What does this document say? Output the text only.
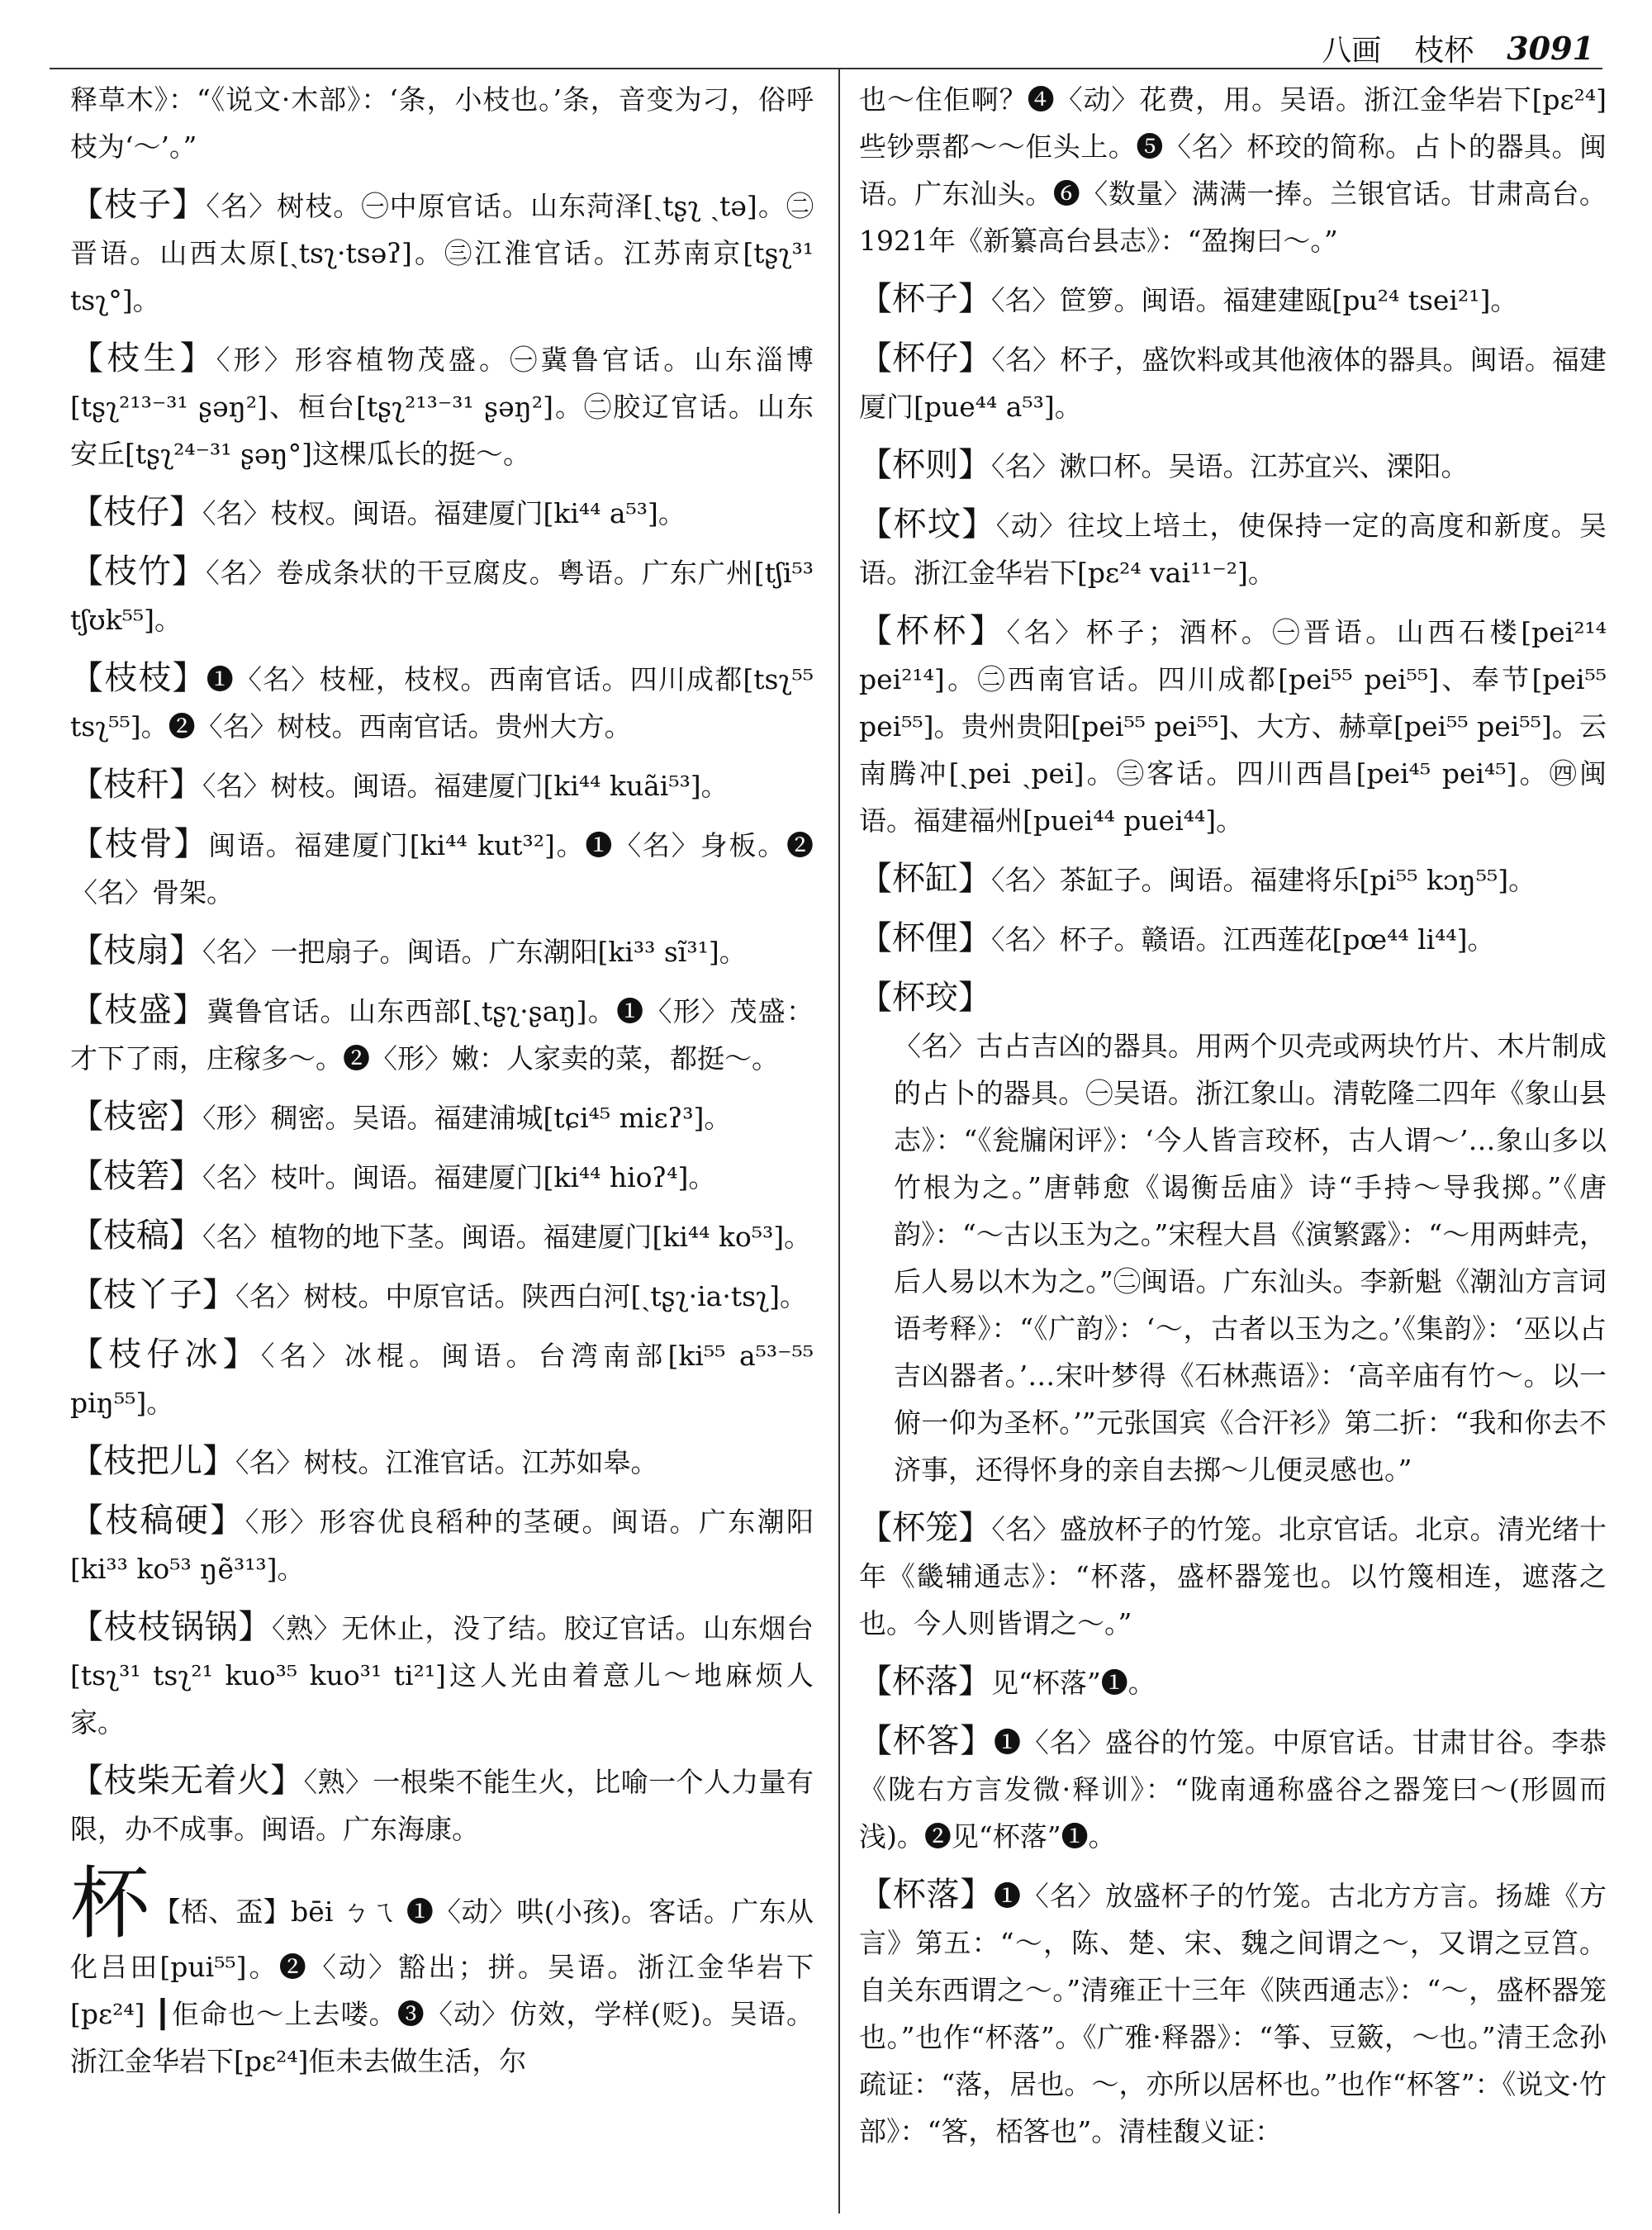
八画 枝杯 3091
释草木》：“《说文·木部》：‘条，小枝也。’条，音变为刁，俗呼枝为‘～’。”
【枝子】〈名〉树枝。㊀中原官话。山东菏泽[ˏtʂʅ ˏtə]。㊁晋语。山西太原[ˏtsʅ·tsəʔ]。㊂江淮官话。江苏南京[tʂʅ³¹ tsʅ°]。
【枝生】〈形〉形容植物茂盛。㊀冀鲁官话。山东淄博[tʂʅ²¹³⁻³¹ ʂəŋ²]、桓台[tʂʅ²¹³⁻³¹ ʂəŋ²]。㊁胶辽官话。山东安丘[tʂʅ²⁴⁻³¹ ʂəŋ°]这棵瓜长的挺～。
【枝仔】〈名〉枝杈。闽语。福建厦门[ki⁴⁴ a⁵³]。
【枝竹】〈名〉卷成条状的干豆腐皮。粤语。广东广州[tʃi⁵³ tʃʊk⁵⁵]。
【枝枝】❶〈名〉枝桠，枝杈。西南官话。四川成都[tsʅ⁵⁵ tsʅ⁵⁵]。❷〈名〉树枝。西南官话。贵州大方。
【枝秆】〈名〉树枝。闽语。福建厦门[ki⁴⁴ kuãi⁵³]。
【枝骨】闽语。福建厦门[ki⁴⁴ kut³²]。❶〈名〉身板。❷〈名〉骨架。
【枝扇】〈名〉一把扇子。闽语。广东潮阳[ki³³ sĩ³¹]。
【枝盛】冀鲁官话。山东西部[ˏtʂʅ·ʂaŋ]。❶〈形〉茂盛：才下了雨，庄稼多～。❷〈形〉嫩：人家卖的菜，都挺～。
【枝密】〈形〉稠密。吴语。福建浦城[tɕi⁴⁵ miɛʔ³]。
【枝箬】〈名〉枝叶。闽语。福建厦门[ki⁴⁴ hioʔ⁴]。
【枝稿】〈名〉植物的地下茎。闽语。福建厦门[ki⁴⁴ ko⁵³]。
【枝丫子】〈名〉树枝。中原官话。陕西白河[ˏtʂʅ·ia·tsʅ]。
【枝仔冰】〈名〉冰棍。闽语。台湾南部[ki⁵⁵ a⁵³⁻⁵⁵ piŋ⁵⁵]。
【枝把儿】〈名〉树枝。江淮官话。江苏如皋。
【枝稿硬】〈形〉形容优良稻种的茎硬。闽语。广东潮阳[ki³³ ko⁵³ ŋẽ³¹³]。
【枝枝锅锅】〈熟〉无休止，没了结。胶辽官话。山东烟台[tsʅ³¹ tsʅ²¹ kuo³⁵ kuo³¹ ti²¹]这人光由着意儿～地麻烦人家。
【枝柴无着火】〈熟〉一根柴不能生火，比喻一个人力量有限，办不成事。闽语。广东海康。
杯 【桮、盃】bēi ㄅㄟ ❶〈动〉哄(小孩)。客话。广东从化吕田[pui⁵⁵]。❷〈动〉豁出；拼。吴语。浙江金华岩下[pɛ²⁴] ┃佢命也～上去喽。❸〈动〉仿效，学样(贬)。吴语。浙江金华岩下[pɛ²⁴]佢未去做生活，尔
也～住佢啊？❹〈动〉花费，用。吴语。浙江金华岩下[pɛ²⁴]些钞票都～～佢头上。❺〈名〉杯珓的简称。占卜的器具。闽语。广东汕头。❻〈数量〉满满一捧。兰银官话。甘肃高台。1921年《新纂高台县志》：“盈掬曰～。”
【杯子】〈名〉笸箩。闽语。福建建瓯[pu²⁴ tsei²¹]。
【杯仔】〈名〉杯子，盛饮料或其他液体的器具。闽语。福建厦门[pue⁴⁴ a⁵³]。
【杯则】〈名〉漱口杯。吴语。江苏宜兴、溧阳。
【杯坟】〈动〉往坟上培土，使保持一定的高度和新度。吴语。浙江金华岩下[pɛ²⁴ vai¹¹⁻²]。
【杯杯】〈名〉杯子；酒杯。㊀晋语。山西石楼[pei²¹⁴ pei²¹⁴]。㊁西南官话。四川成都[pei⁵⁵ pei⁵⁵]、奉节[pei⁵⁵ pei⁵⁵]。贵州贵阳[pei⁵⁵ pei⁵⁵]、大方、赫章[pei⁵⁵ pei⁵⁵]。云南腾冲[ˏpei ˏpei]。㊂客话。四川西昌[pei⁴⁵ pei⁴⁵]。㊃闽语。福建福州[puei⁴⁴ puei⁴⁴]。
【杯缸】〈名〉茶缸子。闽语。福建将乐[pi⁵⁵ kɔŋ⁵⁵]。
【杯俚】〈名〉杯子。赣语。江西莲花[pœ⁴⁴ li⁴⁴]。
【杯珓】
〈名〉古占吉凶的器具。用两个贝壳或两块竹片、木片制成的占卜的器具。㊀吴语。浙江象山。清乾隆二四年《象山县志》：“《瓮牖闲评》：‘今人皆言珓杯，古人谓～’…象山多以竹根为之。”唐韩愈《谒衡岳庙》诗“手持～导我掷。”《唐韵》：“～古以玉为之。”宋程大昌《演繁露》：“～用两蚌壳，后人易以木为之。”㊁闽语。广东汕头。李新魁《潮汕方言词语考释》：“《广韵》：‘～，古者以玉为之。’《集韵》：‘巫以占吉凶器者。’…宋叶梦得《石林燕语》：‘高辛庙有竹～。以一俯一仰为圣杯。’”元张国宾《合汗衫》第二折：“我和你去不济事，还得怀身的亲自去掷～儿便灵感也。”
【杯笼】〈名〉盛放杯子的竹笼。北京官话。北京。清光绪十年《畿辅通志》：“杯落，盛杯器笼也。以竹篾相连，遮落之也。今人则皆谓之～。”
【杯落】见“杯落”❶。
【杯笿】❶〈名〉盛谷的竹笼。中原官话。甘肃甘谷。李恭《陇右方言发微·释训》：“陇南通称盛谷之器笼曰～(形圆而浅)。❷见“杯落”❶。
【杯落】❶〈名〉放盛杯子的竹笼。古北方方言。扬雄《方言》第五：“～，陈、楚、宋、魏之间谓之～，又谓之豆筥。自关东西谓之～。”清雍正十三年《陕西通志》：“～，盛杯器笼也。”也作“杯落”。《广雅·释器》：“筝、豆籢，～也。”清王念孙疏证：“落，居也。～，亦所以居杯也。”也作“杯笿”：《说文·竹部》：“笿，桮笿也”。清桂馥义证：
